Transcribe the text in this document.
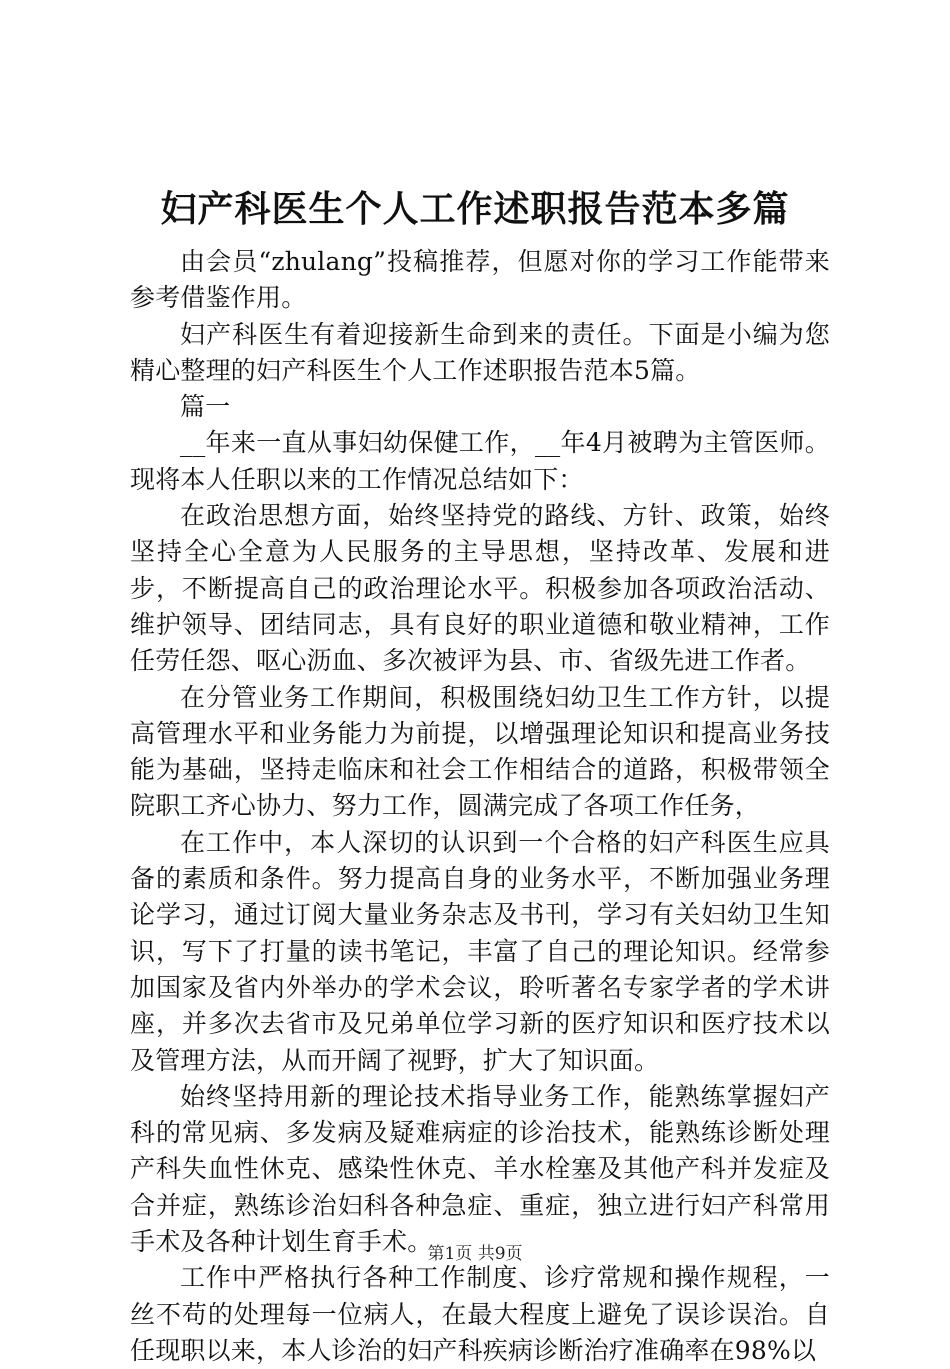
妇产科医生个人工作述职报告范本多篇

由会员“zhulang”投稿推荐，但愿对你的学习工作能带来参考借鉴作用。

妇产科医生有着迎接新生命到来的责任。下面是小编为您精心整理的妇产科医生个人工作述职报告范本5篇。

篇一

__年来一直从事妇幼保健工作，__年4月被聘为主管医师。现将本人任职以来的工作情况总结如下：

在政治思想方面，始终坚持党的路线、方针、政策，始终坚持全心全意为人民服务的主导思想，坚持改革、发展和进步，不断提高自己的政治理论水平。积极参加各项政治活动、维护领导、团结同志，具有良好的职业道德和敬业精神，工作任劳任怨、呕心沥血、多次被评为县、市、省级先进工作者。

在分管业务工作期间，积极围绕妇幼卫生工作方针，以提高管理水平和业务能力为前提，以增强理论知识和提高业务技能为基础，坚持走临床和社会工作相结合的道路，积极带领全院职工齐心协力、努力工作，圆满完成了各项工作任务，

在工作中，本人深切的认识到一个合格的妇产科医生应具备的素质和条件。努力提高自身的业务水平，不断加强业务理论学习，通过订阅大量业务杂志及书刊，学习有关妇幼卫生知识，写下了打量的读书笔记，丰富了自己的理论知识。经常参加国家及省内外举办的学术会议，聆听著名专家学者的学术讲座，并多次去省市及兄弟单位学习新的医疗知识和医疗技术以及管理方法，从而开阔了视野，扩大了知识面。

始终坚持用新的理论技术指导业务工作，能熟练掌握妇产科的常见病、多发病及疑难病症的诊治技术，能熟练诊断处理产科失血性休克、感染性休克、羊水栓塞及其他产科并发症及合并症，熟练诊治妇科各种急症、重症，独立进行妇产科常用手术及各种计划生育手术。

工作中严格执行各种工作制度、诊疗常规和操作规程，一丝不苟的处理每一位病人，在最大程度上避免了误诊误治。自任现职以来，本人诊治的妇产科疾病诊断治疗准确率在98%以

第1页 共9页
